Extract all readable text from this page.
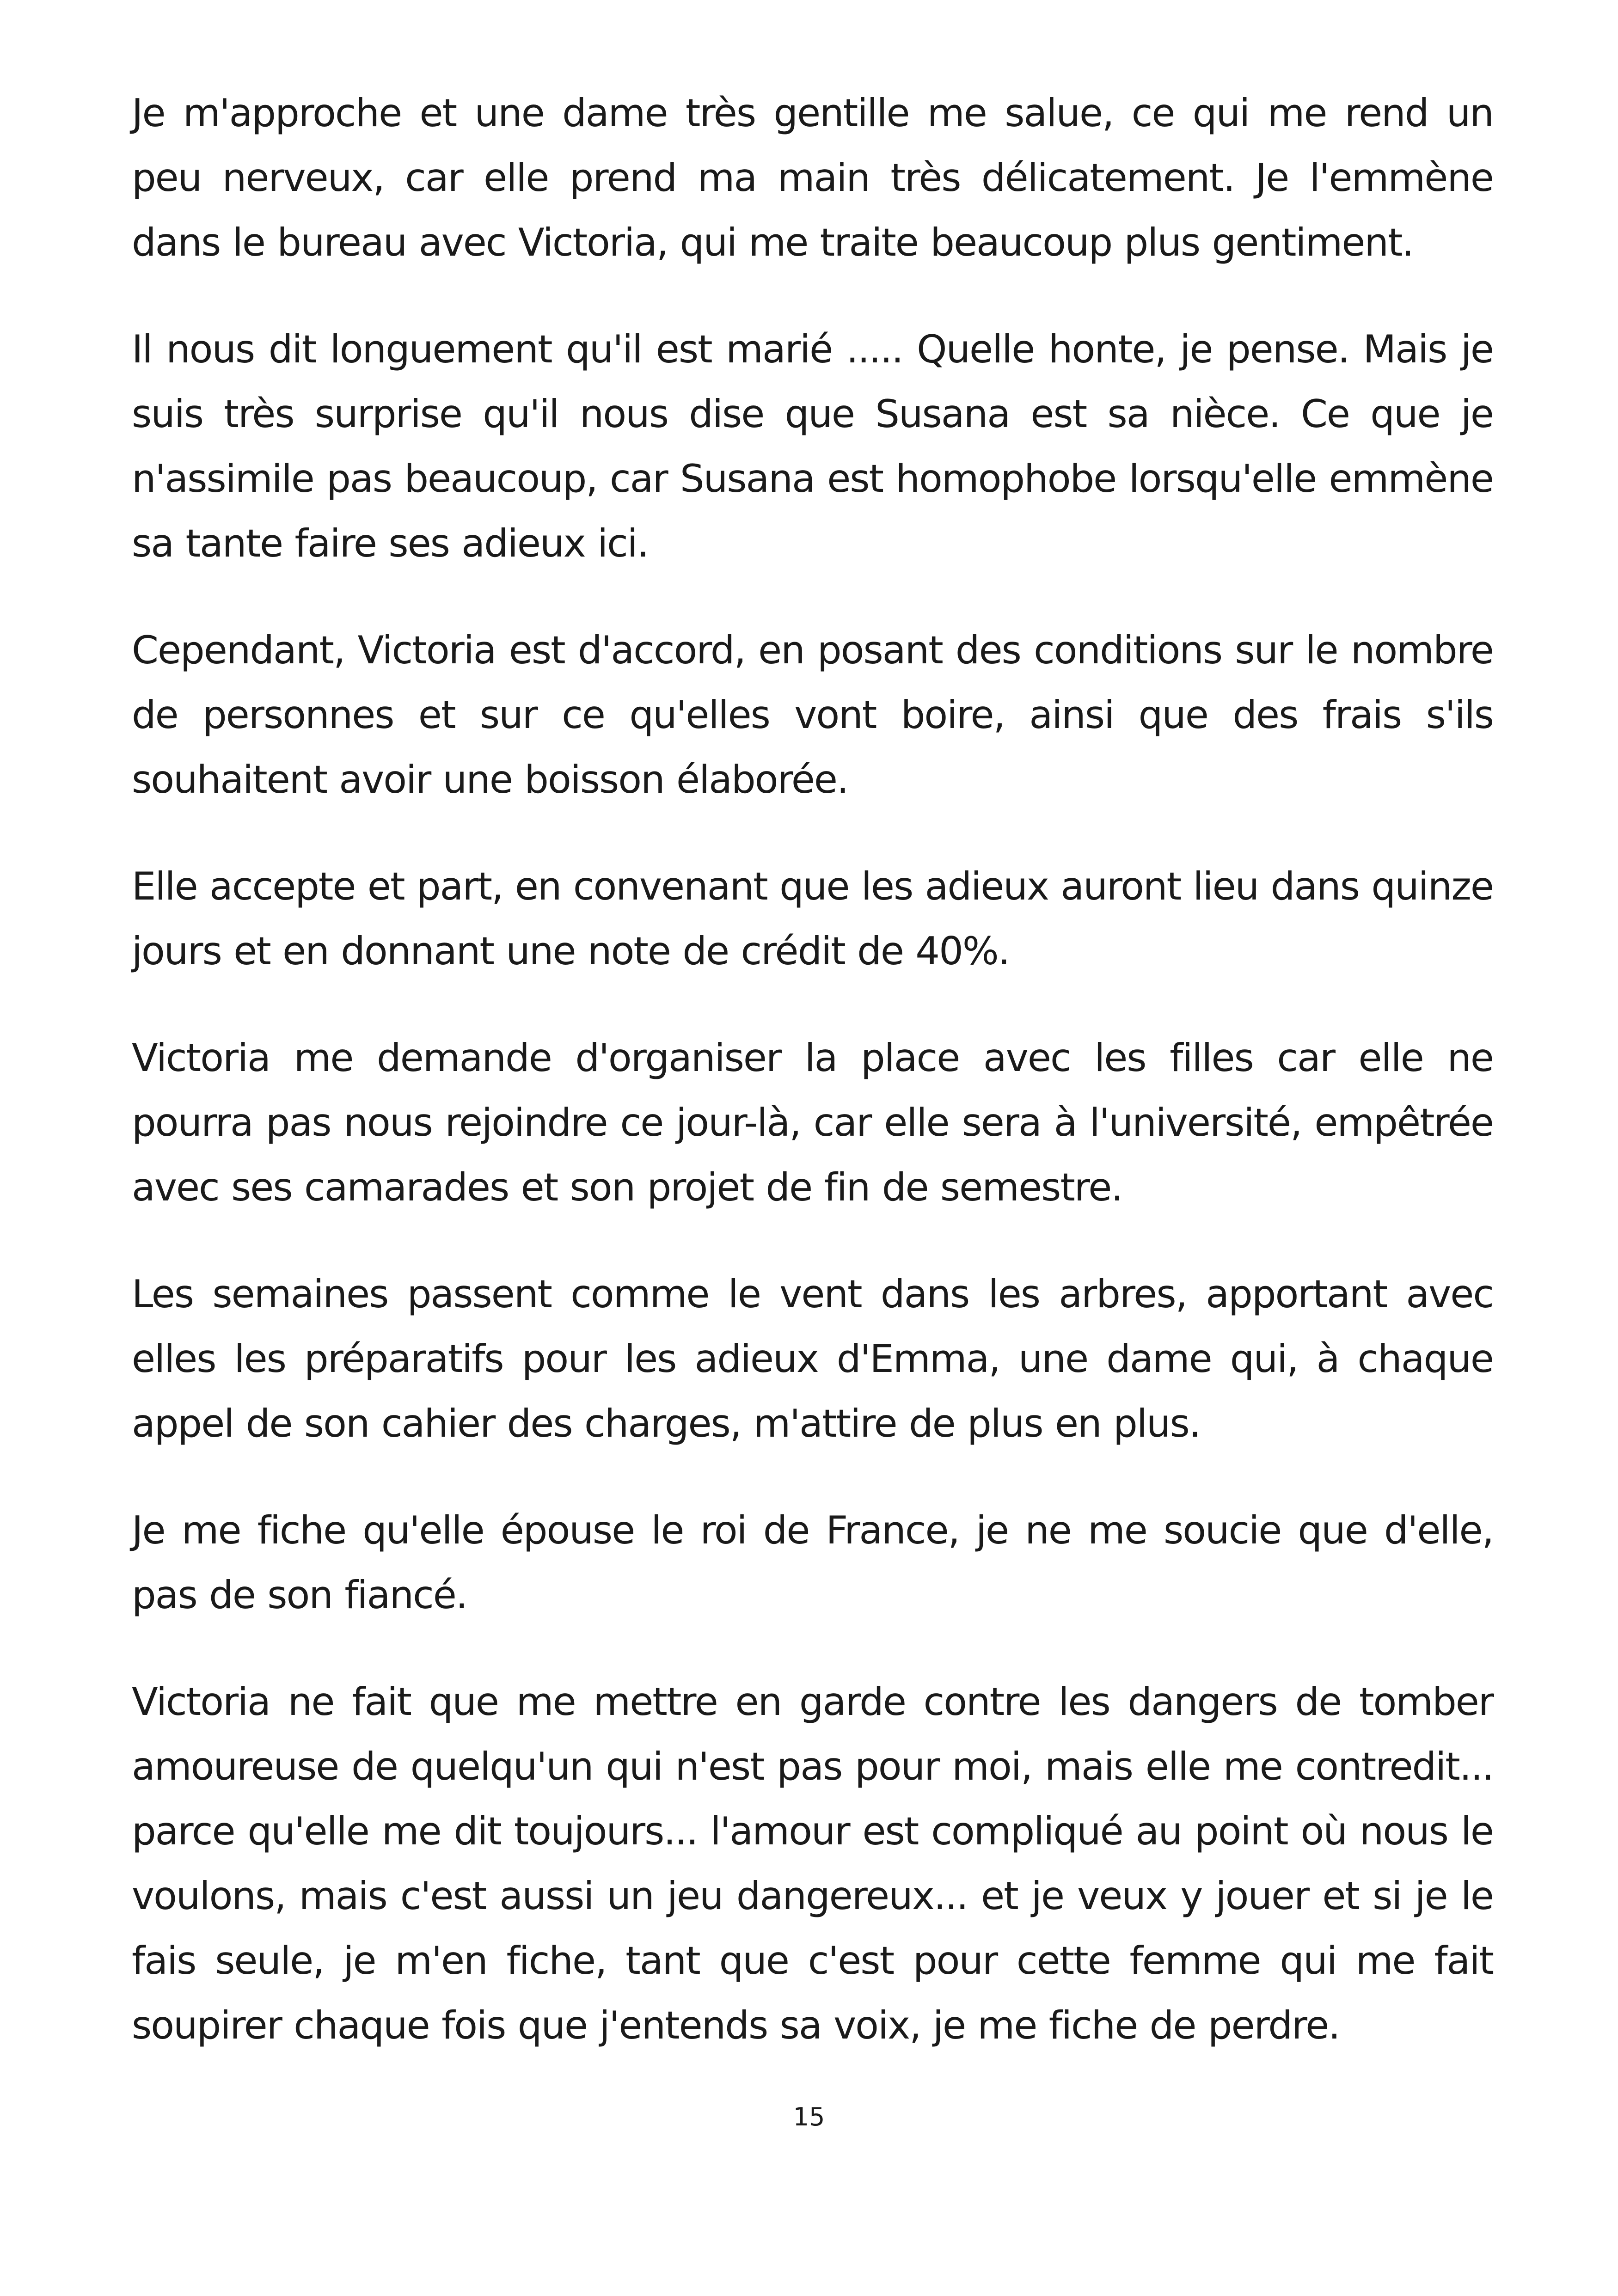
Je m'approche et une dame très gentille me salue, ce qui me rend un peu nerveux, car elle prend ma main très délicatement. Je l'emmène dans le bureau avec Victoria, qui me traite beaucoup plus gentiment.

Il nous dit longuement qu'il est marié ..... Quelle honte, je pense. Mais je suis très surprise qu'il nous dise que Susana est sa nièce. Ce que je n'assimile pas beaucoup, car Susana est homophobe lorsqu'elle emmène sa tante faire ses adieux ici.

Cependant, Victoria est d'accord, en posant des conditions sur le nombre de personnes et sur ce qu'elles vont boire, ainsi que des frais s'ils souhaitent avoir une boisson élaborée.

Elle accepte et part, en convenant que les adieux auront lieu dans quinze jours et en donnant une note de crédit de 40%.

Victoria me demande d'organiser la place avec les filles car elle ne pourra pas nous rejoindre ce jour-là, car elle sera à l'université, empêtrée avec ses camarades et son projet de fin de semestre.

Les semaines passent comme le vent dans les arbres, apportant avec elles les préparatifs pour les adieux d'Emma, une dame qui, à chaque appel de son cahier des charges, m'attire de plus en plus.

Je me fiche qu'elle épouse le roi de France, je ne me soucie que d'elle, pas de son fiancé.

Victoria ne fait que me mettre en garde contre les dangers de tomber amoureuse de quelqu'un qui n'est pas pour moi, mais elle me contredit... parce qu'elle me dit toujours... l'amour est compliqué au point où nous le voulons, mais c'est aussi un jeu dangereux... et je veux y jouer et si je le fais seule, je m'en fiche, tant que c'est pour cette femme qui me fait soupirer chaque fois que j'entends sa voix, je me fiche de perdre.

15
